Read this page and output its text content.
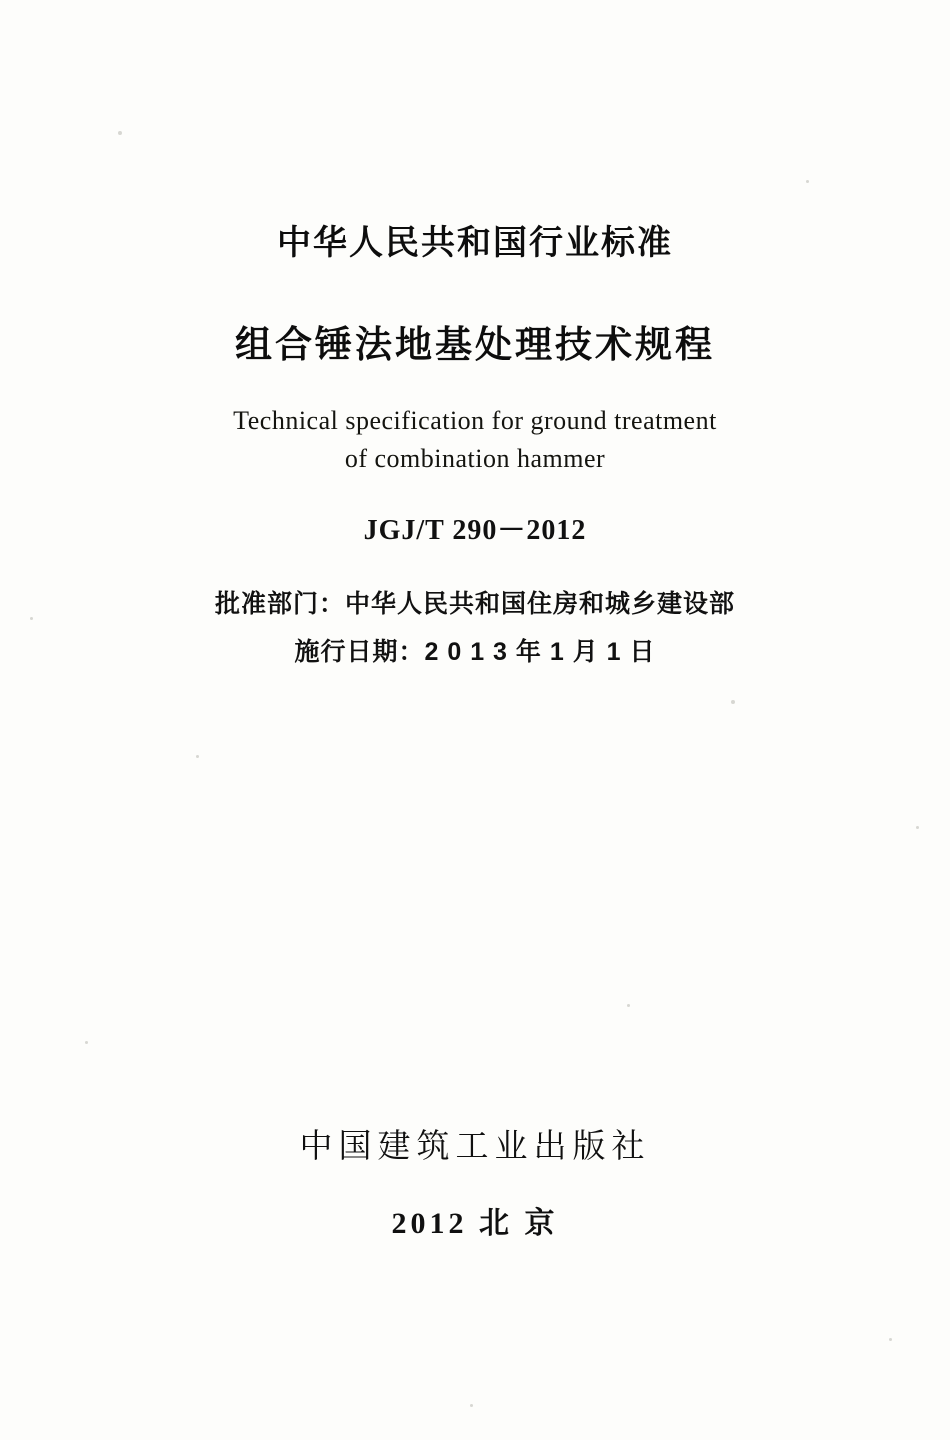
中华人民共和国行业标准
组合锤法地基处理技术规程
Technical specification for ground treatment
of combination hammer
JGJ/T 290－2012
批准部门：中华人民共和国住房和城乡建设部
施行日期：2 0 1 3 年 1 月 1 日
中国建筑工业出版社
2012 北 京
